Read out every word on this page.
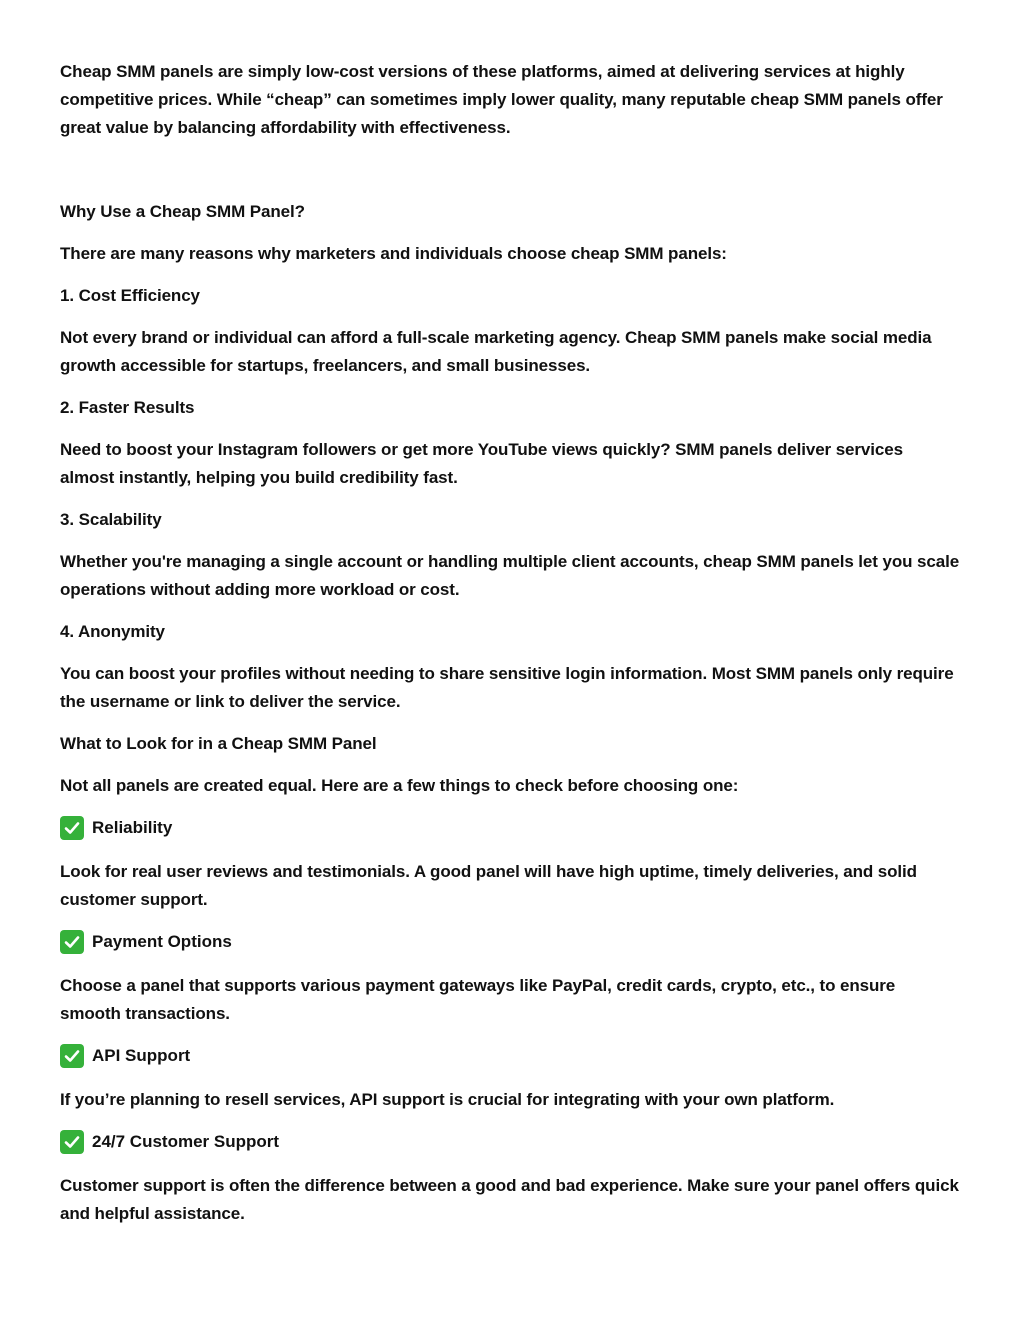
Cheap SMM panels are simply low-cost versions of these platforms, aimed at delivering services at highly competitive prices. While “cheap” can sometimes imply lower quality, many reputable cheap SMM panels offer great value by balancing affordability with effectiveness.

Why Use a Cheap SMM Panel?

There are many reasons why marketers and individuals choose cheap SMM panels:

1. Cost Efficiency

Not every brand or individual can afford a full-scale marketing agency. Cheap SMM panels make social media growth accessible for startups, freelancers, and small businesses.

2. Faster Results

Need to boost your Instagram followers or get more YouTube views quickly? SMM panels deliver services almost instantly, helping you build credibility fast.

3. Scalability

Whether you're managing a single account or handling multiple client accounts, cheap SMM panels let you scale operations without adding more workload or cost.

4. Anonymity

You can boost your profiles without needing to share sensitive login information. Most SMM panels only require the username or link to deliver the service.

What to Look for in a Cheap SMM Panel

Not all panels are created equal. Here are a few things to check before choosing one:

Reliability

Look for real user reviews and testimonials. A good panel will have high uptime, timely deliveries, and solid customer support.

Payment Options

Choose a panel that supports various payment gateways like PayPal, credit cards, crypto, etc., to ensure smooth transactions.

API Support

If you’re planning to resell services, API support is crucial for integrating with your own platform.

24/7 Customer Support

Customer support is often the difference between a good and bad experience. Make sure your panel offers quick and helpful assistance.
